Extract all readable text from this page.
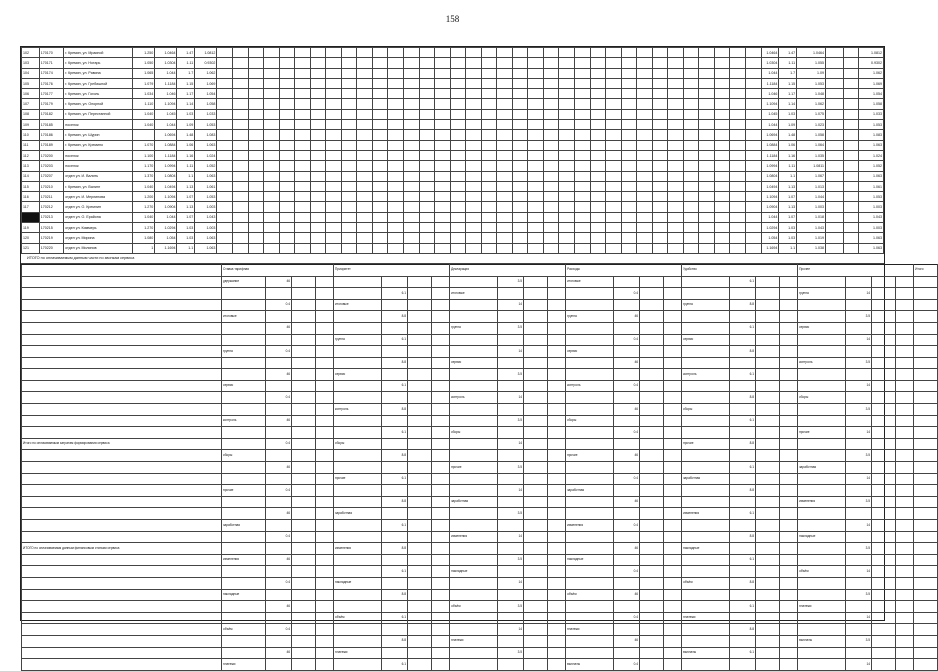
158
102	170170	г. Кремин, ул. Мраиной	1.250	1.0464	1.47	1.0812																																				1.0464	1.47	1.0464			1.0812
103	170171	г. Кремин, ул. Нотарь	1.050	1.0304	1.11	0.9302																																				1.0304	1.11	1.055			0.9302
104	170174	г. Кремин, ул. Равина	1.065	1.044	1.7	1.062																																				1.044	1.7	1.09			1.062
105	170176	г. Кремин, ул. Гребишной	1.079	1.1184	1.15	1.069																																				1.1184	1.15	1.053			1.069
106	170177	г. Кремин, ул. Гоголь	1.034	1.046	1.17	1.054																																				1.046	1.17	1.048			1.054
107	170179	г. Кремин, ул. Опорной	1.110	1.1094	1.14	1.058																																				1.1094	1.14	1.062			1.058
108	170182	г. Кремин, ул. Перестанной	1.040	1.045	1.03	1.033																																				1.045	1.03	1.075			1.033
109	170185	поселок	1.040	1.044	1.09	1.053																																				1.044	1.09	1.023			1.053
110	170186	г. Кремин, ул. Шурин		1.0694	1.48	1.083																																				1.0694	1.48	1.058			1.083
111	170189	г. Кремин, ул. Кремино	1.070	1.0884	1.06	1.063																																				1.0884	1.06	1.064			1.063
112	170200	поселок	1.100	1.1184	1.16	1.024																																				1.1184	1.16	1.035			1.024
113	170203	поселок	1.170	1.0994	1.11	1.052																																				1.0994	1.11	1.0811			1.052
114	170207	отдел ул. И. Валить	1.370	1.0804	1.1	1.063																																				1.0804	1.1	1.067			1.063
115	170210	г. Кремин, ул. Валинг	1.040	1.0494	1.13	1.061																																				1.0494	1.13	1.013			1.061
116	170211	отдел ул. И. Мерлинова	1.200	1.1094	1.07	1.053																																				1.1094	1.07	1.044			1.053
117	170212	отдел ул. О. Кремлин	1.270	1.0904	1.13	1.003																																				1.0904	1.13	1.003			1.003
118	170213	отдел ул. О. Ерайона	1.040	1.044	1.07	1.043																																				1.044	1.07	1.018			1.043
119	170215	отдел ул. Киммерь	1.270	1.0294	1.03	1.003																																				1.0294	1.03	1.043			1.003
120	170219	отдел ул. Мирина	1.080	1.054	1.03	1.063																																				1.054	1.03	1.019			1.063
121	170220	отдел ул. Милинов	1	1.1694	1.1	1.063																																				1.1694	1.1	1.038			1.063
ИТОГО по оплачиваемым данным части по звонкам сервиса
	Ставка тарифная				Приоритет				Декларация				Расходы				Удобство				Прочее				Итого
	удержание	46								3.5			итоговые					6.1							
						6.1			итоговые					0.4							группа	14			
		0.4			итоговые					14							группа	8.8							
	итоговые					8.8							группа	46								3.5			
		46							группа	3.5								6.1			сервис				
					группа	6.1								0.4			сервис					14			
	группа	0.4								14			сервис					8.8							
						8.8			сервис					46							контроль	3.5			
		46			сервис					3.5							контроль	6.1							
	сервис					6.1							контроль	0.4								14			
		0.4							контроль	14								8.8			сборы				
					контроль	8.8								46			сборы					3.5			
	контроль	46								3.5			сборы					6.1							
						6.1			сборы					0.4							прочие	14			
Итого по оплачиваемым затратам формирования сервиса		0.4			сборы					14							прочие	8.8							
	сборы					8.8							прочие	46								3.5			
		46							прочие	3.5								6.1			заработная				
					прочие	6.1								0.4			заработная					14			
	прочие	0.4								14			заработная					8.8							
						8.8			заработная					46							изменения	3.5			
		46			заработная					3.5							изменения	6.1							
	заработная					6.1							изменения	0.4								14			
		0.4							изменения	14								8.8			накладные				
ИТОГО по оплачиваемым данным финансовым статьям сервиса					изменения	8.8								46			накладные					3.5			
	изменения	46								3.5			накладные					6.1							
						6.1			накладные					0.4							объём	14			
		0.4			накладные					14							объём	8.8							
	накладные					8.8							объём	46								3.5			
		46							объём	3.5								6.1			платежи				
					объём	6.1								0.4			платежи					14			
	объём	0.4								14			платежи					8.8							
						8.8			платежи					46							выплаты	3.5			
		46			платежи					3.5							выплаты	6.1							
	платежи					6.1							выплаты	0.4								14			
